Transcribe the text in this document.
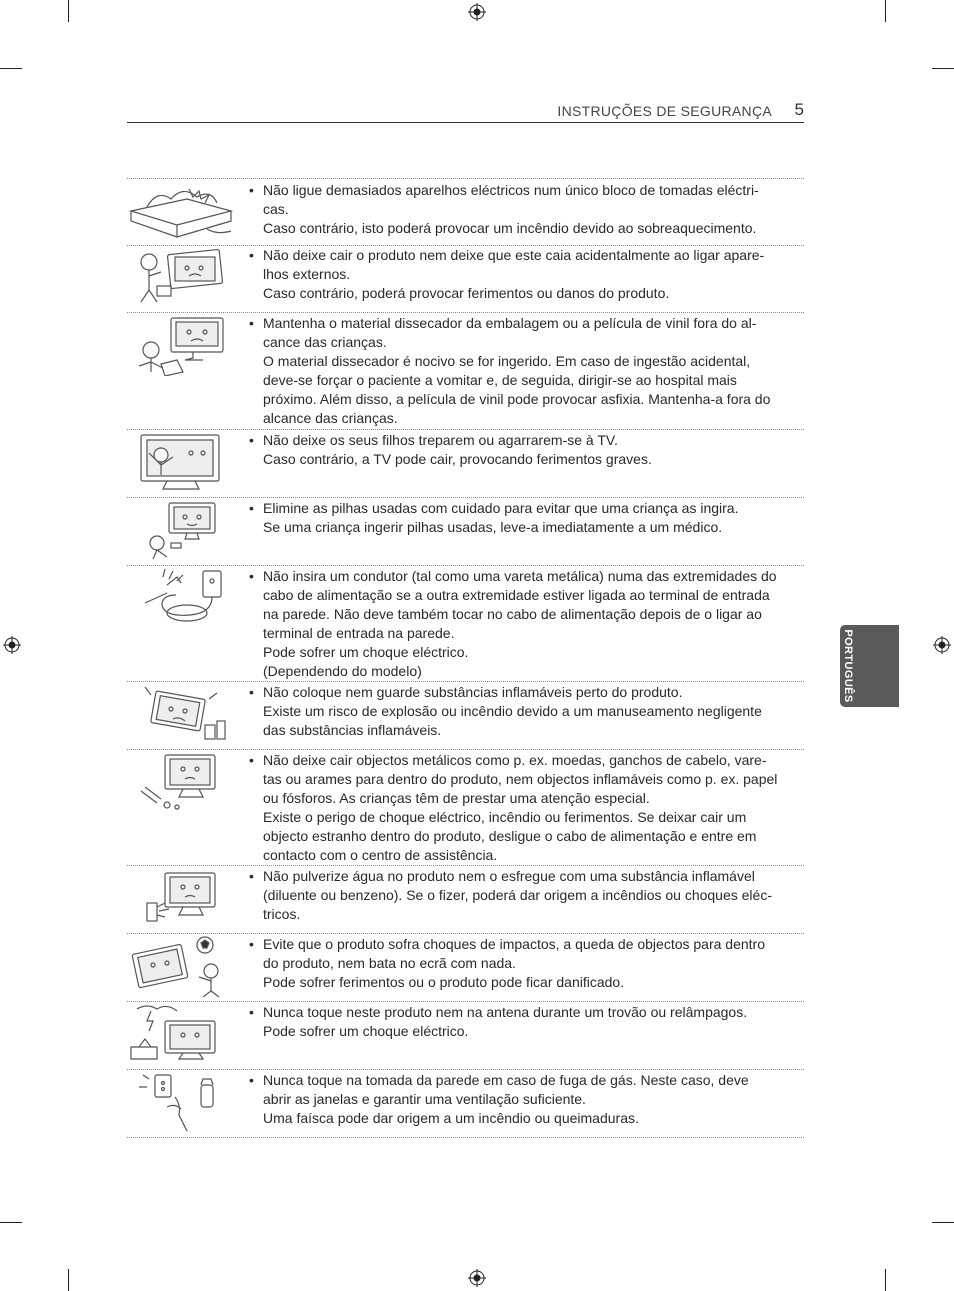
INSTRUÇÕES DE SEGURANÇA 5
PORTUGUÊS
• Não ligue demasiados aparelhos eléctricos num único bloco de tomadas eléctri-
cas.
Caso contrário, isto poderá provocar um incêndio devido ao sobreaquecimento.
• Não deixe cair o produto nem deixe que este caia acidentalmente ao ligar apare-
lhos externos.
Caso contrário, poderá provocar ferimentos ou danos do produto.
• Mantenha o material dissecador da embalagem ou a película de vinil fora do al-
cance das crianças.
O material dissecador é nocivo se for ingerido. Em caso de ingestão acidental,
deve-se forçar o paciente a vomitar e, de seguida, dirigir-se ao hospital mais
próximo. Além disso, a película de vinil pode provocar asfixia. Mantenha-a fora do
alcance das crianças.
• Não deixe os seus filhos treparem ou agarrarem-se à TV.
Caso contrário, a TV pode cair, provocando ferimentos graves.
• Elimine as pilhas usadas com cuidado para evitar que uma criança as ingira.
Se uma criança ingerir pilhas usadas, leve-a imediatamente a um médico.
• Não insira um condutor (tal como uma vareta metálica) numa das extremidades do
cabo de alimentação se a outra extremidade estiver ligada ao terminal de entrada
na parede. Não deve também tocar no cabo de alimentação depois de o ligar ao
terminal de entrada na parede.
Pode sofrer um choque eléctrico.
(Dependendo do modelo)
• Não coloque nem guarde substâncias inflamáveis perto do produto.
Existe um risco de explosão ou incêndio devido a um manuseamento negligente
das substâncias inflamáveis.
• Não deixe cair objectos metálicos como p. ex. moedas, ganchos de cabelo, vare-
tas ou arames para dentro do produto, nem objectos inflamáveis como p. ex. papel
ou fósforos. As crianças têm de prestar uma atenção especial.
Existe o perigo de choque eléctrico, incêndio ou ferimentos. Se deixar cair um
objecto estranho dentro do produto, desligue o cabo de alimentação e entre em
contacto com o centro de assistência.
• Não pulverize água no produto nem o esfregue com uma substância inflamável
(diluente ou benzeno). Se o fizer, poderá dar origem a incêndios ou choques eléc-
tricos.
• Evite que o produto sofra choques de impactos, a queda de objectos para dentro
do produto, nem bata no ecrã com nada.
Pode sofrer ferimentos ou o produto pode ficar danificado.
• Nunca toque neste produto nem na antena durante um trovão ou relâmpagos.
Pode sofrer um choque eléctrico.
• Nunca toque na tomada da parede em caso de fuga de gás. Neste caso, deve
abrir as janelas e garantir uma ventilação suficiente.
Uma faísca pode dar origem a um incêndio ou queimaduras.
